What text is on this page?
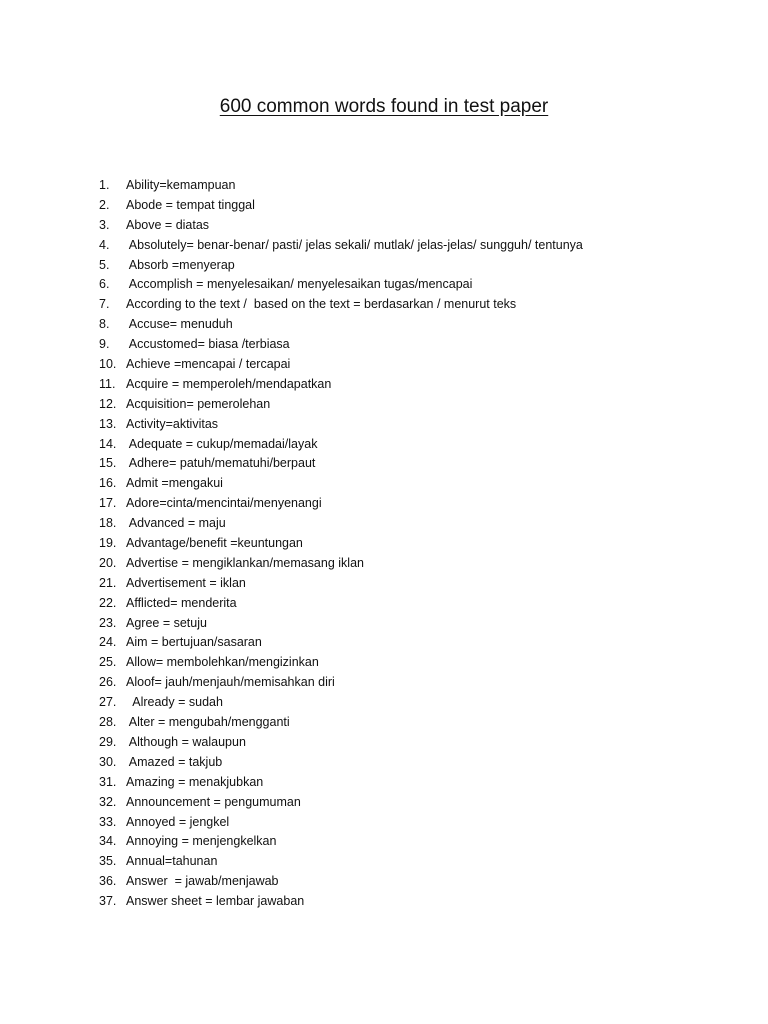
600 common words found in test paper
1. Ability=kemampuan
2. Abode = tempat tinggal
3. Above = diatas
4. Absolutely= benar-benar/ pasti/ jelas sekali/ mutlak/ jelas-jelas/ sungguh/ tentunya
5. Absorb =menyerap
6. Accomplish = menyelesaikan/ menyelesaikan tugas/mencapai
7. According to the text /  based on the text = berdasarkan / menurut teks
8. Accuse= menuduh
9. Accustomed= biasa /terbiasa
10. Achieve =mencapai / tercapai
11. Acquire = memperoleh/mendapatkan
12. Acquisition= pemerolehan
13. Activity=aktivitas
14. Adequate = cukup/memadai/layak
15. Adhere= patuh/mematuhi/berpaut
16. Admit =mengakui
17. Adore=cinta/mencintai/menyenangi
18. Advanced = maju
19. Advantage/benefit =keuntungan
20. Advertise = mengiklankan/memasang iklan
21. Advertisement = iklan
22. Afflicted= menderita
23. Agree = setuju
24. Aim = bertujuan/sasaran
25. Allow= membolehkan/mengizinkan
26. Aloof= jauh/menjauh/memisahkan diri
27. Already = sudah
28. Alter = mengubah/mengganti
29. Although = walaupun
30. Amazed = takjub
31. Amazing = menakjubkan
32. Announcement = pengumuman
33. Annoyed = jengkel
34. Annoying = menjengkelkan
35. Annual=tahunan
36. Answer  = jawab/menjawab
37. Answer sheet = lembar jawaban
